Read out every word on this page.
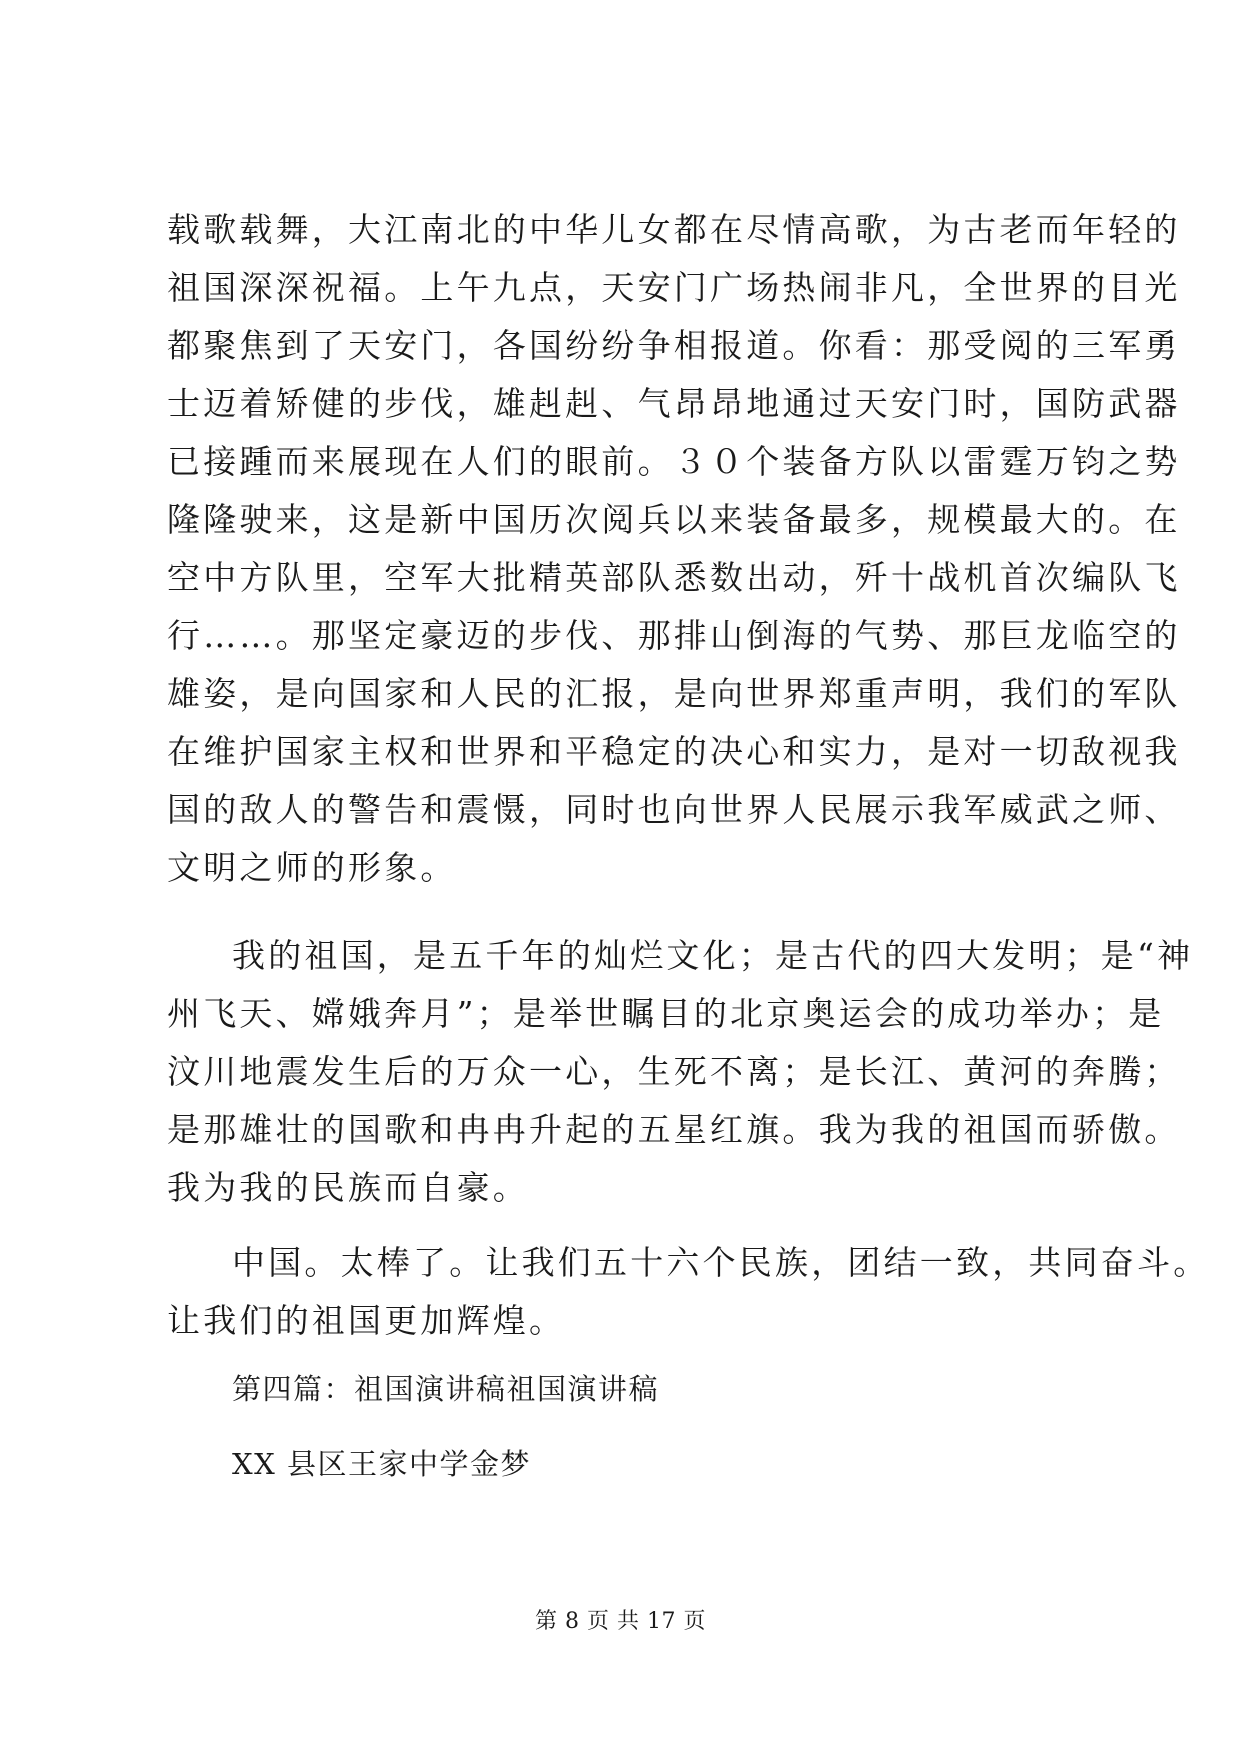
载歌载舞，大江南北的中华儿女都在尽情高歌，为古老而年轻的
祖国深深祝福。上午九点，天安门广场热闹非凡，全世界的目光
都聚焦到了天安门，各国纷纷争相报道。你看：那受阅的三军勇
士迈着矫健的步伐，雄赳赳、气昂昂地通过天安门时，国防武器
已接踵而来展现在人们的眼前。３０个装备方队以雷霆万钧之势
隆隆驶来，这是新中国历次阅兵以来装备最多，规模最大的。在
空中方队里，空军大批精英部队悉数出动，歼十战机首次编队飞
行……。那坚定豪迈的步伐、那排山倒海的气势、那巨龙临空的
雄姿，是向国家和人民的汇报，是向世界郑重声明，我们的军队
在维护国家主权和世界和平稳定的决心和实力，是对一切敌视我
国的敌人的警告和震慑，同时也向世界人民展示我军威武之师、
文明之师的形象。
我的祖国，是五千年的灿烂文化；是古代的四大发明；是“神
州飞天、嫦娥奔月”；是举世瞩目的北京奥运会的成功举办；是
汶川地震发生后的万众一心，生死不离；是长江、黄河的奔腾；
是那雄壮的国歌和冉冉升起的五星红旗。我为我的祖国而骄傲。
我为我的民族而自豪。
中国。太棒了。让我们五十六个民族，团结一致，共同奋斗。
让我们的祖国更加辉煌。
第四篇：祖国演讲稿祖国演讲稿
XX 县区王家中学金梦
第 8 页 共 17 页
